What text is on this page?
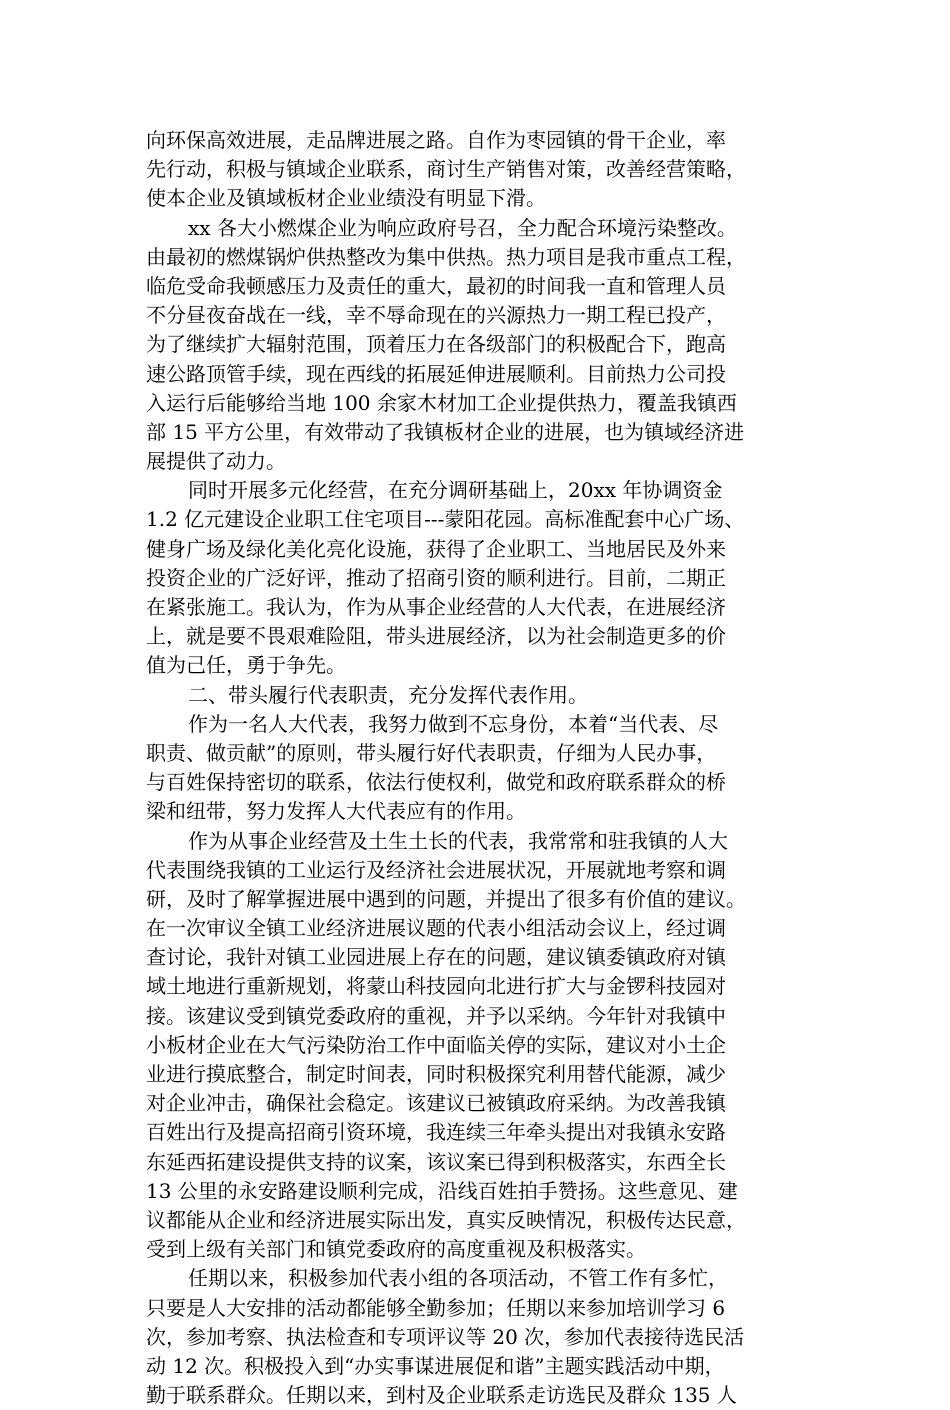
向环保高效进展，走品牌进展之路。自作为枣园镇的骨干企业，率
先行动，积极与镇域企业联系，商讨生产销售对策，改善经营策略，
使本企业及镇域板材企业业绩没有明显下滑。
xx 各大小燃煤企业为响应政府号召，全力配合环境污染整改。
由最初的燃煤锅炉供热整改为集中供热。热力项目是我市重点工程，
临危受命我顿感压力及责任的重大，最初的时间我一直和管理人员
不分昼夜奋战在一线，幸不辱命现在的兴源热力一期工程已投产，
为了继续扩大辐射范围，顶着压力在各级部门的积极配合下，跑高
速公路顶管手续，现在西线的拓展延伸进展顺利。目前热力公司投
入运行后能够给当地 100 余家木材加工企业提供热力，覆盖我镇西
部 15 平方公里，有效带动了我镇板材企业的进展，也为镇域经济进
展提供了动力。
同时开展多元化经营，在充分调研基础上，20xx 年协调资金
1.2 亿元建设企业职工住宅项目---蒙阳花园。高标准配套中心广场、
健身广场及绿化美化亮化设施，获得了企业职工、当地居民及外来
投资企业的广泛好评，推动了招商引资的顺利进行。目前，二期正
在紧张施工。我认为，作为从事企业经营的人大代表，在进展经济
上，就是要不畏艰难险阻，带头进展经济，以为社会制造更多的价
值为己任，勇于争先。
二、带头履行代表职责，充分发挥代表作用。
作为一名人大代表，我努力做到不忘身份，本着“当代表、尽
职责、做贡献”的原则，带头履行好代表职责，仔细为人民办事，
与百姓保持密切的联系，依法行使权利，做党和政府联系群众的桥
梁和纽带，努力发挥人大代表应有的作用。
作为从事企业经营及土生土长的代表，我常常和驻我镇的人大
代表围绕我镇的工业运行及经济社会进展状况，开展就地考察和调
研，及时了解掌握进展中遇到的问题，并提出了很多有价值的建议。
在一次审议全镇工业经济进展议题的代表小组活动会议上，经过调
查讨论，我针对镇工业园进展上存在的问题，建议镇委镇政府对镇
域土地进行重新规划，将蒙山科技园向北进行扩大与金锣科技园对
接。该建议受到镇党委政府的重视，并予以采纳。今年针对我镇中
小板材企业在大气污染防治工作中面临关停的实际，建议对小土企
业进行摸底整合，制定时间表，同时积极探究利用替代能源，减少
对企业冲击，确保社会稳定。该建议已被镇政府采纳。为改善我镇
百姓出行及提高招商引资环境，我连续三年牵头提出对我镇永安路
东延西拓建设提供支持的议案，该议案已得到积极落实，东西全长
13 公里的永安路建设顺利完成，沿线百姓拍手赞扬。这些意见、建
议都能从企业和经济进展实际出发，真实反映情况，积极传达民意，
受到上级有关部门和镇党委政府的高度重视及积极落实。
任期以来，积极参加代表小组的各项活动，不管工作有多忙，
只要是人大安排的活动都能够全勤参加；任期以来参加培训学习 6
次，参加考察、执法检查和专项评议等 20 次，参加代表接待选民活
动 12 次。积极投入到“办实事谋进展促和谐”主题实践活动中期，
勤于联系群众。任期以来，到村及企业联系走访选民及群众 135 人
